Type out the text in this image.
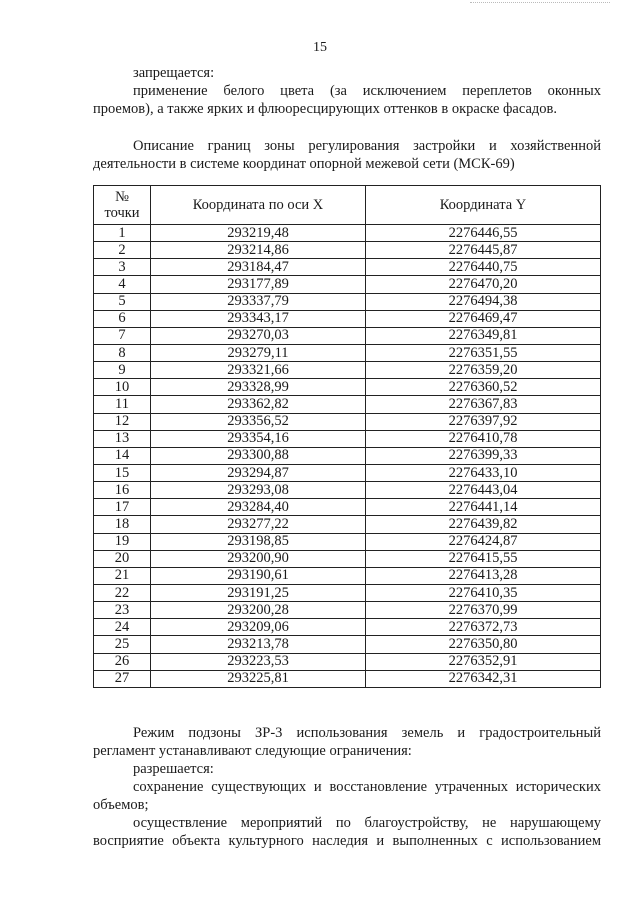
15
запрещается:
применение белого цвета (за исключением переплетов оконных
проемов), а также ярких и флюоресцирующих оттенков в окраске фасадов.
Описание границ зоны регулирования застройки и хозяйственной
деятельности в системе координат опорной межевой сети (МСК-69)
№
точки	Координата по оси X	Координата Y
1	293219,48	2276446,55
2	293214,86	2276445,87
3	293184,47	2276440,75
4	293177,89	2276470,20
5	293337,79	2276494,38
6	293343,17	2276469,47
7	293270,03	2276349,81
8	293279,11	2276351,55
9	293321,66	2276359,20
10	293328,99	2276360,52
11	293362,82	2276367,83
12	293356,52	2276397,92
13	293354,16	2276410,78
14	293300,88	2276399,33
15	293294,87	2276433,10
16	293293,08	2276443,04
17	293284,40	2276441,14
18	293277,22	2276439,82
19	293198,85	2276424,87
20	293200,90	2276415,55
21	293190,61	2276413,28
22	293191,25	2276410,35
23	293200,28	2276370,99
24	293209,06	2276372,73
25	293213,78	2276350,80
26	293223,53	2276352,91
27	293225,81	2276342,31
Режим подзоны ЗР-3 использования земель и градостроительный
регламент устанавливают следующие ограничения:
разрешается:
сохранение существующих и восстановление утраченных исторических
объемов;
осуществление мероприятий по благоустройству, не нарушающему
восприятие объекта культурного наследия и выполненных с использованием
